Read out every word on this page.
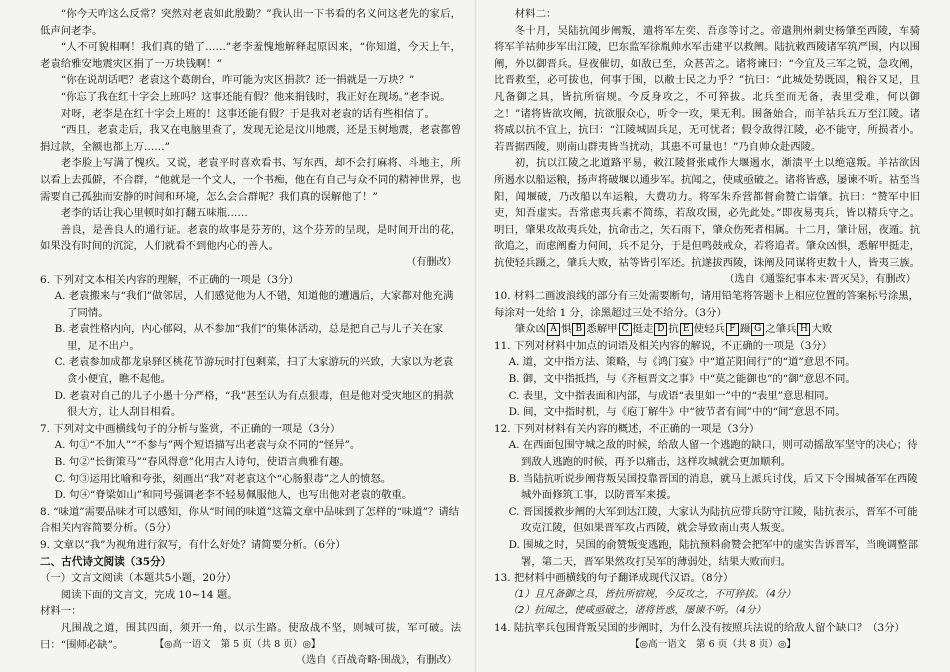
“你今天咋这么反常？突然对老袁如此殷勤？”我认出一下书看的名义问这老先的家后，低声问老李。

“人不可貌相啊！我们真的错了……”老李羞愧地解释起原因来，“你知道，今天上午，老袁给雅安地震灾区捐了一万块钱啊！”

“你在说胡话吧？老袁这个葛朗台，咋可能为灾区捐款？还一捐就是一万块？”

“你忘了我在红十字会上班吗？这事还能有假？他来捐钱时，我正好在现场。”老李说。

对呀，老李是在红十字会上班的！这事还能有假？于是我对老袁的话有些相信了。

“西且，老袁走后，我又在电脑里查了，发现无论是汶川地震，还是玉树地震，老袁都曾捐过款，全额也都上万……”

老李脸上写满了愧疚。又说，老袁平时喜欢看书、写东西，却不会打麻将、斗地主，所以看上去孤僻，不合群，“他就是一个文人，一个书痴，他在有自己与众不同的精神世界，也需要自己孤独而安静的时间和环境，怎么会合群呢？我们真的误解他了！”

老李的话让我心里顿时如打翻五味瓶……

善良，是善良人的通行证。老袁的故事是芬芳的，这个芬芳的呈现，是时间开出的花，如果没有时间的沉淀，人们就看不到他内心的善人。

（有删改）

6. 下列对文本相关内容的理解，不正确的一项是（3分）

A. 老袁搬来与“我们”做邻居，人们感觉他为人不错，知道他的遭遇后，大家都对他充满了同情。

B. 老袁性格内向，内心郁闷，从不参加“我们”的集体活动，总是把自己与儿子关在家里，足不出户。

C. 老袁参加成都龙泉驿区桃花节游玩时打包剩菜，扫了大家游玩的兴致，大家以为老袁贪小便宜，瞧不起他。

D. 老袁对自己的儿子小愚十分严格，“我”甚至认为有点狠毒，但是他对受灾地区的捐款很大方，让人刮目相看。

7. 下列对文中画横线句子的分析与鉴赏，不正确的一项是（3分）

A. 句①“不加人”“不参与”两个短语描写出老袁与众不同的“怪异”。

B. 句②“长街策马”“春风得意”化用古人诗句，使语言典雅有趣。

C. 句③运用比喻和夸张，刻画出“我”对老袁这个“心肠狠毒”之人的愤怒。

D. 句④“脊梁如山”和同号强调老李不轻易佩服他人，也写出他对老袁的敬重。

8. “味道”需要品味才可以感知，你从“时间的味道”这篇文章中品味到了怎样的“味道”？请结合相关内容简要分析。（5分）

9. 文章以“我”为视角进行叙写，有什么好处？请简要分析。（6分）

二、古代诗文阅读（35分）

（一）文言文阅读（本题共5小题，20分）

阅读下面的文言文，完成 10~14 题。

材料一：

凡围战之道，围其四面，须开一角，以示生路。使敌战不坚，则城可拔，军可破。法曰：“围师必缺”。

（选自《百战奇略·围战》，有删改）

【◎高一语文　第 5 页（共 8 页）◎】

材料二：

冬十月，吴陆抗闻步阐叛，遣将军左奕、吾彦等讨之。帝遣荆州刺史杨肇至西陵，车骑将军羊祜帅步军出江陵，巴东监军徐胤帅水军击建平以救阐。陆抗敕西陵诸军筑严围，内以围阐，外以御晋兵。昼夜催切，如敌已至，众甚苦之。诸将谏曰：“今宜及三军之锐，急攻阐，比晋救至，必可拔也，何事于围，以敝士民之力乎？”抗曰：“此城处势既固，粮谷又足，且凡备御之具，皆抗所宿规。今反身攻之，不可猝拔。北兵至而无备，表里受难，何以御之！”诸将皆欲攻阐，抗欲服众心，听令一攻，果无利。围备始合，而羊祜兵五万至江陵。诸将咸以抗不宜上，抗曰：“江陵城固兵足，无可忧者；假令敌得江陵，必不能守，所损者小。若晋据西陵，则南山群夷皆当扰动，其患不可量也！”乃自帅众赴西陵。

初，抗以江陵之北道路平易，敕江陵督张咸作大堰遏水，渐渍平土以绝寇叛。羊祜欲因所遏水以船运粮，扬声将破堰以通步军。抗闻之，使咸亟破之。诸将皆惑，屡谏不听。祜至当阳，闻堰破，乃改船以车运粮，大费功力。将军朱乔营都督俞赞亡诣肇。抗曰：“赞军中旧吏，知吾虚实。吾常虑夷兵素不简练，若敌攻围，必先此处。”即夜易夷兵，皆以精兵守之。明日，肇果攻故夷兵处，抗命击之，矢石雨下，肇众伤死者相属。十二月，肇计屈，夜遁。抗欲追之，而虑阐畜力伺间，兵不足分，于是但鸣鼓戒众，若将追者。肇众凶惧，悉解甲挺走，抗使轻兵蹑之，肇兵大败，祜等皆引军还。抗遂拔西陵，诛阐及同谋将吏数十人，皆夷三族。

（选自《通鉴纪事本末·晋灭吴》，有删改）

10. 材料二画波浪线的部分有三处需要断句，请用铅笔将答题卡上相应位置的答案标号涂黑，每涂对一处给 1 分，涂黑超过三处不给分。（3分）

肇众凶 A 惧 B 悉解甲 C 挺走 D 抗 E 使轻兵 F 蹑 G 之肇兵 H 大败

11. 下列对材料中加点的词语及相关内容的解说，不正确的一项是（3分）

A. 道，文中指方法、策略，与《鸿门宴》中“道芷阳间行”的“道”意思不同。

B. 御，文中指抵挡，与《齐桓晋文之事》中“莫之能御也”的“御”意思不同。

C. 表里，文中指表面和内部，与成语“表里如一”中的“表里”意思相同。

D. 间，文中指时机，与《庖丁解牛》中“彼节者有间”中的“间”意思不同。

12. 下列对材料有关内容的概述，不正确的一项是（3分）

A. 在西面包围守城之敌的时候，给敌人留一个逃跑的缺口，则可动摇敌军坚守的决心；待到敌人逃跑的时候，再予以痛击，这样攻城就会更加顺利。

B. 当陆抗听说步阐背叛吴国投靠晋国的消息，就马上派兵讨伐，后又下令围城备军在西陵城外面修筑工事，以防晋军来援。

C. 晋国援救步阐的大军到达江陵，大家认为陆抗应带兵防守江陵，陆抗表示，晋军不可能攻克江陵，但如果晋军攻占西陵，就会导致南山夷人叛变。

D. 围城之时，吴国的俞赞叛变逃跑，陆抗预料俞赞会把军中的虚实告诉晋军，当晚调整部署，第二天，晋军果然攻打吴军的薄弱处，结果大败而归。

13. 把材料中画横线的句子翻译成现代汉语。（8分）

（1）且凡备御之具，皆抗所宿规，今反攻之，不可猝拔。（4分）

（2）抗闻之，使咸亟破之，诸将皆惑，屡谏不听。（4分）

14. 陆抗率兵包围背叛吴国的步阐时，为什么没有按照兵法说的给敌人留个缺口？（3分）

【◎高一语文　第 6 页（共 8 页）◎】
